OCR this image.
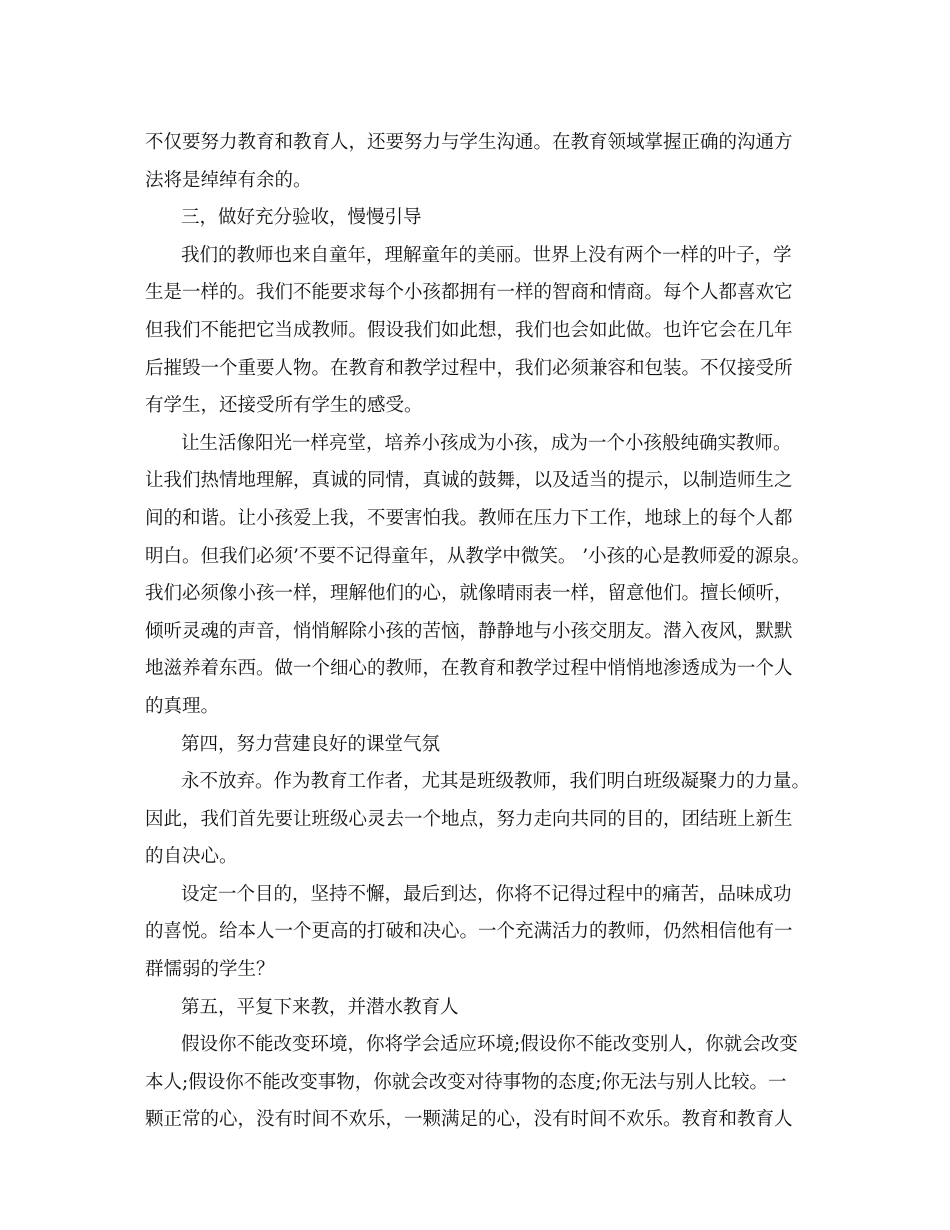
不仅要努力教育和教育人，还要努力与学生沟通。在教育领域掌握正确的沟通方
法将是绰绰有余的。
三，做好充分验收，慢慢引导
我们的教师也来自童年，理解童年的美丽。世界上没有两个一样的叶子，学
生是一样的。我们不能要求每个小孩都拥有一样的智商和情商。每个人都喜欢它
但我们不能把它当成教师。假设我们如此想，我们也会如此做。也许它会在几年
后摧毁一个重要人物。在教育和教学过程中，我们必须兼容和包装。不仅接受所
有学生，还接受所有学生的感受。
让生活像阳光一样亮堂，培养小孩成为小孩，成为一个小孩般纯确实教师。
让我们热情地理解，真诚的同情，真诚的鼓舞，以及适当的提示，以制造师生之
间的和谐。让小孩爱上我，不要害怕我。教师在压力下工作，地球上的每个人都
明白。但我们必须’不要不记得童年，从教学中微笑。 ’小孩的心是教师爱的源泉。
我们必须像小孩一样，理解他们的心，就像晴雨表一样，留意他们。擅长倾听，
倾听灵魂的声音，悄悄解除小孩的苦恼，静静地与小孩交朋友。潜入夜风，默默
地滋养着东西。做一个细心的教师，在教育和教学过程中悄悄地渗透成为一个人
的真理。
第四，努力营建良好的课堂气氛
永不放弃。作为教育工作者，尤其是班级教师，我们明白班级凝聚力的力量。
因此，我们首先要让班级心灵去一个地点，努力走向共同的目的，团结班上新生
的自决心。
设定一个目的，坚持不懈，最后到达，你将不记得过程中的痛苦，品味成功
的喜悦。给本人一个更高的打破和决心。一个充满活力的教师，仍然相信他有一
群懦弱的学生？
第五，平复下来教，并潜水教育人
假设你不能改变环境，你将学会适应环境;假设你不能改变别人，你就会改变
本人;假设你不能改变事物，你就会改变对待事物的态度;你无法与别人比较。一
颗正常的心，没有时间不欢乐，一颗满足的心，没有时间不欢乐。教育和教育人
